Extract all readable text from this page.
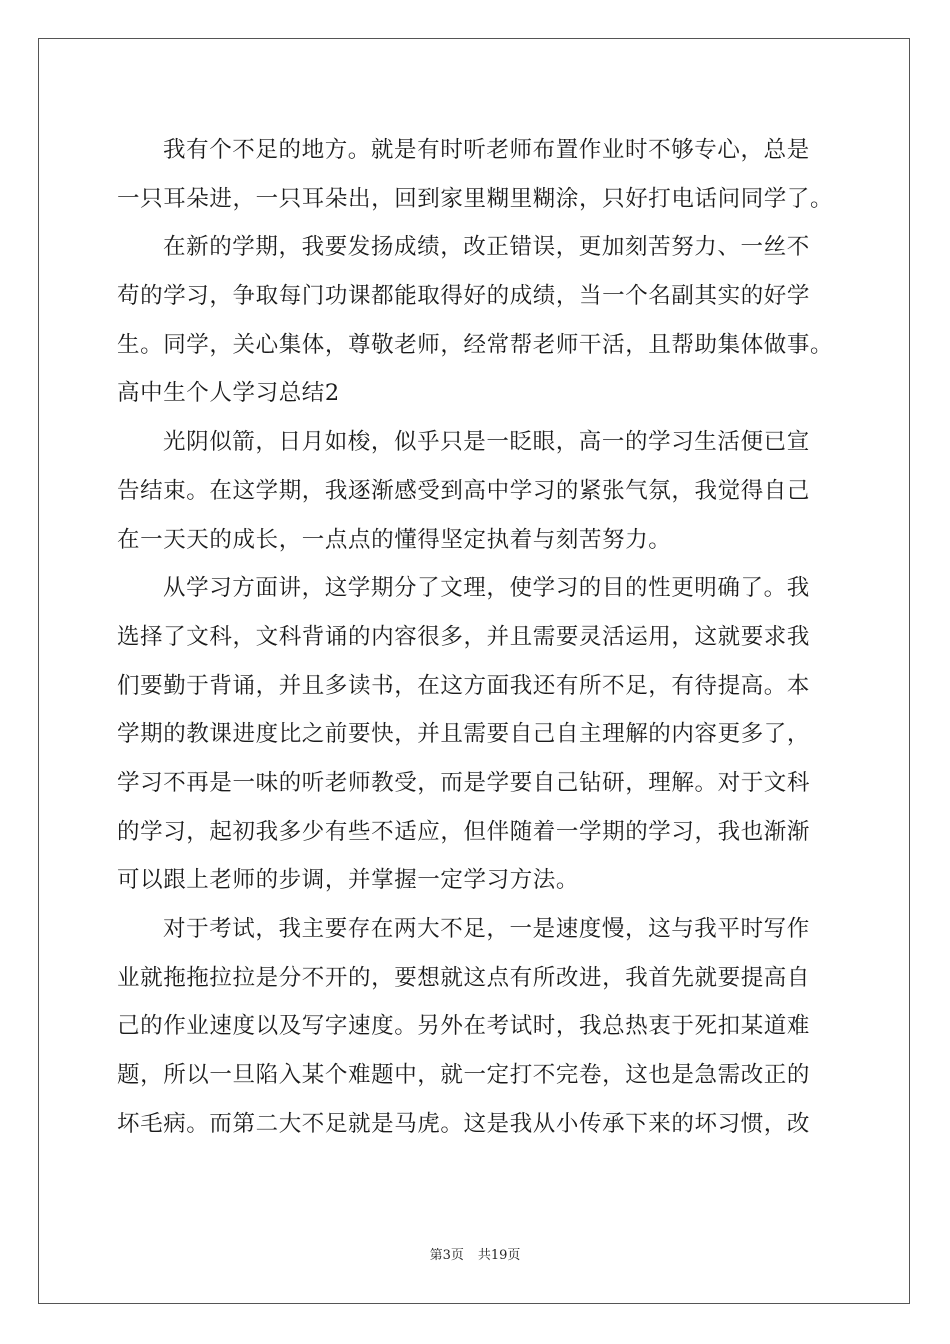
我有个不足的地方。就是有时听老师布置作业时不够专心，总是
一只耳朵进，一只耳朵出，回到家里糊里糊涂，只好打电话问同学了。
在新的学期，我要发扬成绩，改正错误，更加刻苦努力、一丝不
苟的学习，争取每门功课都能取得好的成绩，当一个名副其实的好学
生。同学，关心集体，尊敬老师，经常帮老师干活，且帮助集体做事。
高中生个人学习总结2
光阴似箭，日月如梭，似乎只是一眨眼，高一的学习生活便已宣
告结束。在这学期，我逐渐感受到高中学习的紧张气氛，我觉得自己
在一天天的成长，一点点的懂得坚定执着与刻苦努力。
从学习方面讲，这学期分了文理，使学习的目的性更明确了。我
选择了文科，文科背诵的内容很多，并且需要灵活运用，这就要求我
们要勤于背诵，并且多读书，在这方面我还有所不足，有待提高。本
学期的教课进度比之前要快，并且需要自己自主理解的内容更多了，
学习不再是一味的听老师教受，而是学要自己钻研，理解。对于文科
的学习，起初我多少有些不适应，但伴随着一学期的学习，我也渐渐
可以跟上老师的步调，并掌握一定学习方法。
对于考试，我主要存在两大不足，一是速度慢，这与我平时写作
业就拖拖拉拉是分不开的，要想就这点有所改进，我首先就要提高自
己的作业速度以及写字速度。另外在考试时，我总热衷于死扣某道难
题，所以一旦陷入某个难题中，就一定打不完卷，这也是急需改正的
坏毛病。而第二大不足就是马虎。这是我从小传承下来的坏习惯，改
第3页 共19页
